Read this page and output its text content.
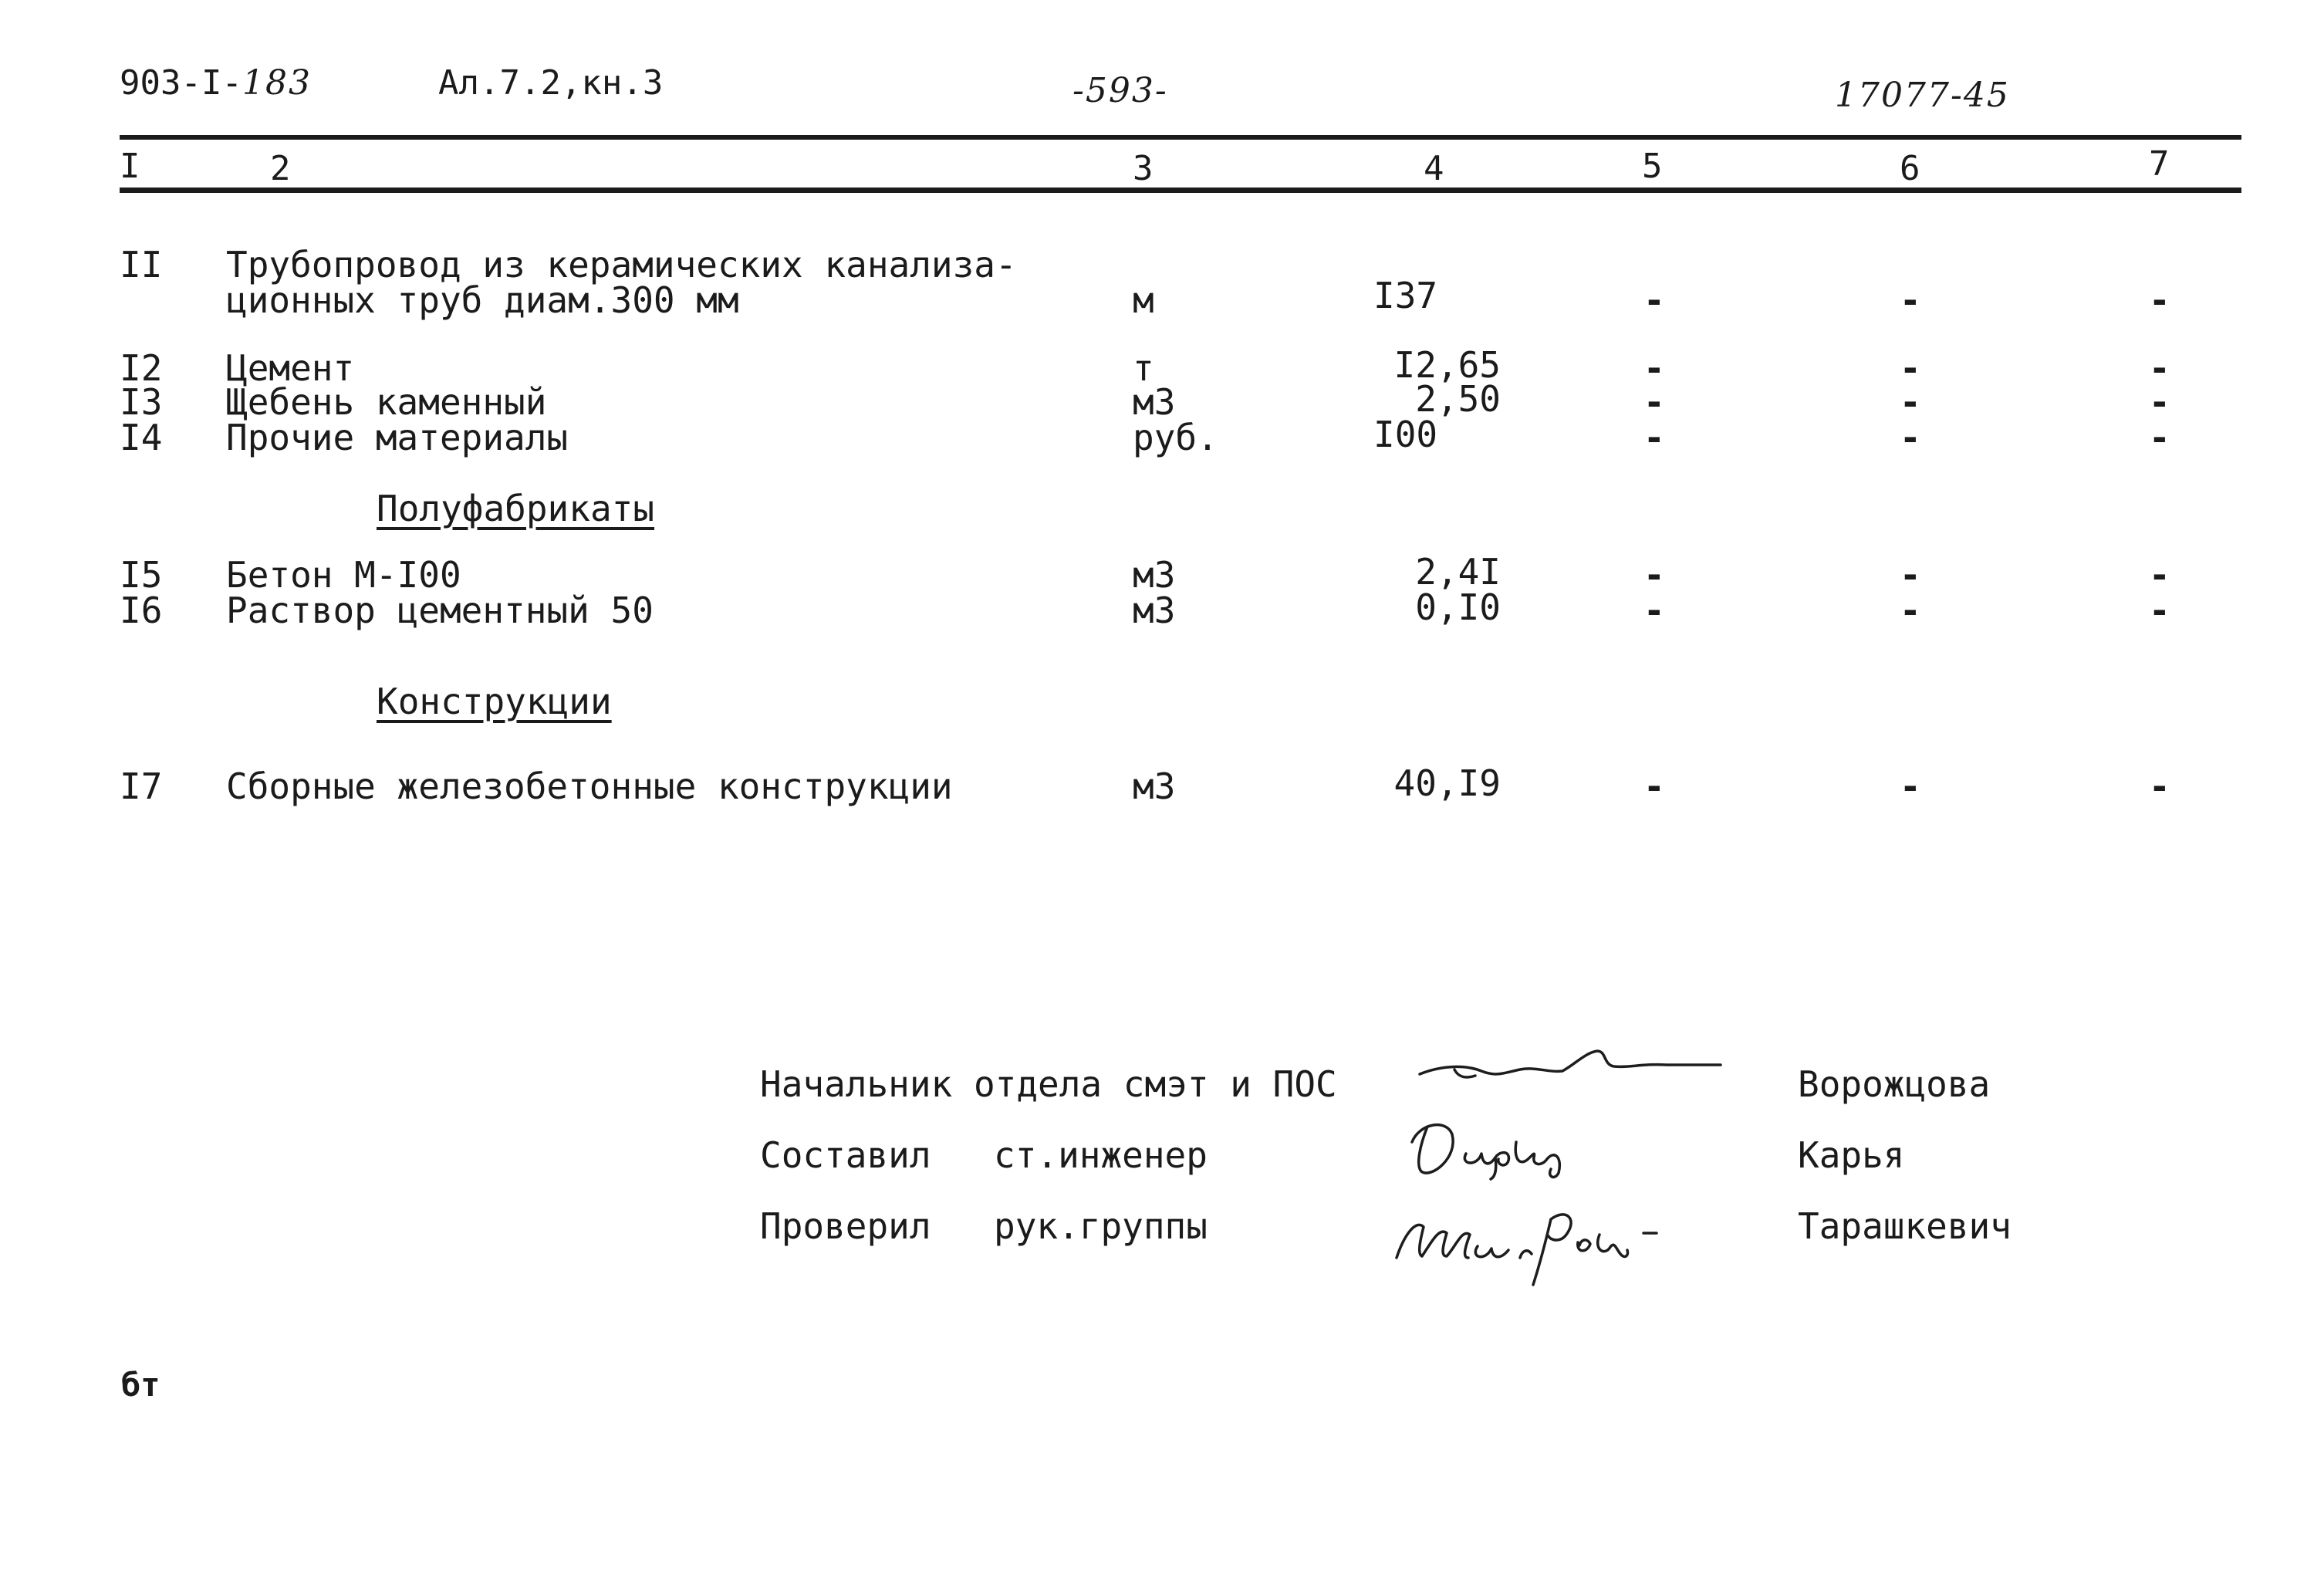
903-I-183	Ал.7.2,кн.3	-593-	17077-45
I	2	3	4	5	6	7
II Трубопровод из керамических канализа-
ционных труб диам.300 мм	м	I37	-	-	-
I2 Цемент	т	I2,65	-	-	-
I3 Щебень каменный	м3	2,50	-	-	-
I4 Прочие материалы	руб.	I00	-	-	-
Полуфабрикаты
I5 Бетон М-I00	м3	2,4I	-	-	-
I6 Раствор цементный 50	м3	0,I0	-	-	-
Конструкции
I7 Сборные железобетонные конструкции	м3	40,I9	-	-	-
Начальник отдела смэт и ПОС	Ворожцова
Составил ст.инженер	Карья
Проверил рук.группы	Тарашкевич
бт
